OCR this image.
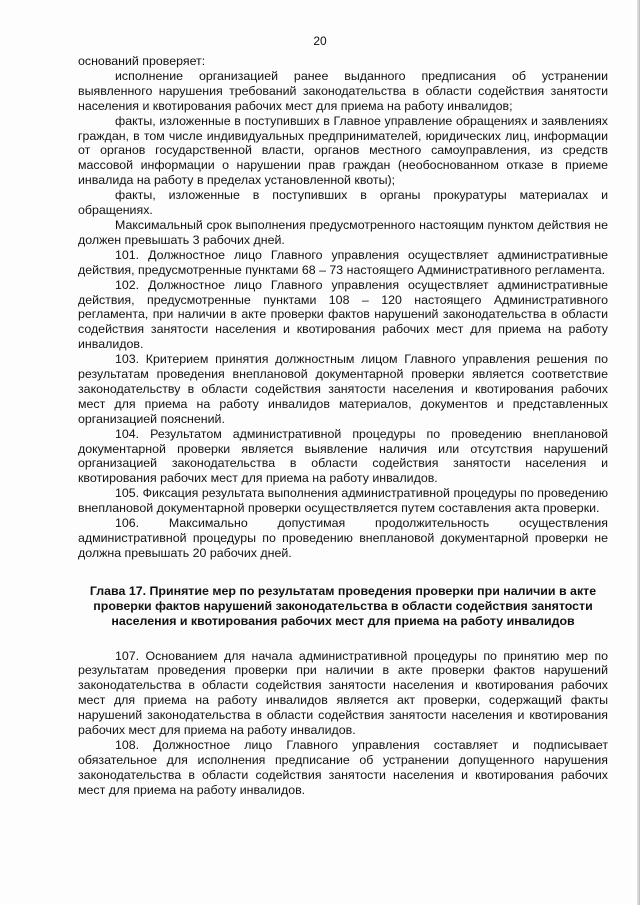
20

оснований проверяет:

исполнение организацией ранее выданного предписания об устранении выявленного нарушения требований законодательства в области содействия занятости населения и квотирования рабочих мест для приема на работу инвалидов;

факты, изложенные в поступивших в Главное управление обращениях и заявлениях граждан, в том числе индивидуальных предпринимателей, юридических лиц, информации от органов государственной власти, органов местного самоуправления, из средств массовой информации о нарушении прав граждан (необоснованном отказе в приеме инвалида на работу в пределах установленной квоты);

факты, изложенные в поступивших в органы прокуратуры материалах и обращениях.

Максимальный срок выполнения предусмотренного настоящим пунктом действия не должен превышать 3 рабочих дней.

101. Должностное лицо Главного управления осуществляет административные действия, предусмотренные пунктами 68 – 73 настоящего Административного регламента.

102. Должностное лицо Главного управления осуществляет административные действия, предусмотренные пунктами 108 – 120 настоящего Административного регламента, при наличии в акте проверки фактов нарушений законодательства в области содействия занятости населения и квотирования рабочих мест для приема на работу инвалидов.

103. Критерием принятия должностным лицом Главного управления решения по результатам проведения внеплановой документарной проверки является соответствие законодательству в области содействия занятости населения и квотирования рабочих мест для приема на работу инвалидов материалов, документов и представленных организацией пояснений.

104. Результатом административной процедуры по проведению внеплановой документарной проверки является выявление наличия или отсутствия нарушений организацией законодательства в области содействия занятости населения и квотирования рабочих мест для приема на работу инвалидов.

105. Фиксация результата выполнения административной процедуры по проведению внеплановой документарной проверки осуществляется путем составления акта проверки.

106. Максимально допустимая продолжительность осуществления административной процедуры по проведению внеплановой документарной проверки не должна превышать 20 рабочих дней.

Глава 17. Принятие мер по результатам проведения проверки при наличии в акте проверки фактов нарушений законодательства в области содействия занятости населения и квотирования рабочих мест для приема на работу инвалидов

107. Основанием для начала административной процедуры по принятию мер по результатам проведения проверки при наличии в акте проверки фактов нарушений законодательства в области содействия занятости населения и квотирования рабочих мест для приема на работу инвалидов является акт проверки, содержащий факты нарушений законодательства в области содействия занятости населения и квотирования рабочих мест для приема на работу инвалидов.

108. Должностное лицо Главного управления составляет и подписывает обязательное для исполнения предписание об устранении допущенного нарушения законодательства в области содействия занятости населения и квотирования рабочих мест для приема на работу инвалидов.
